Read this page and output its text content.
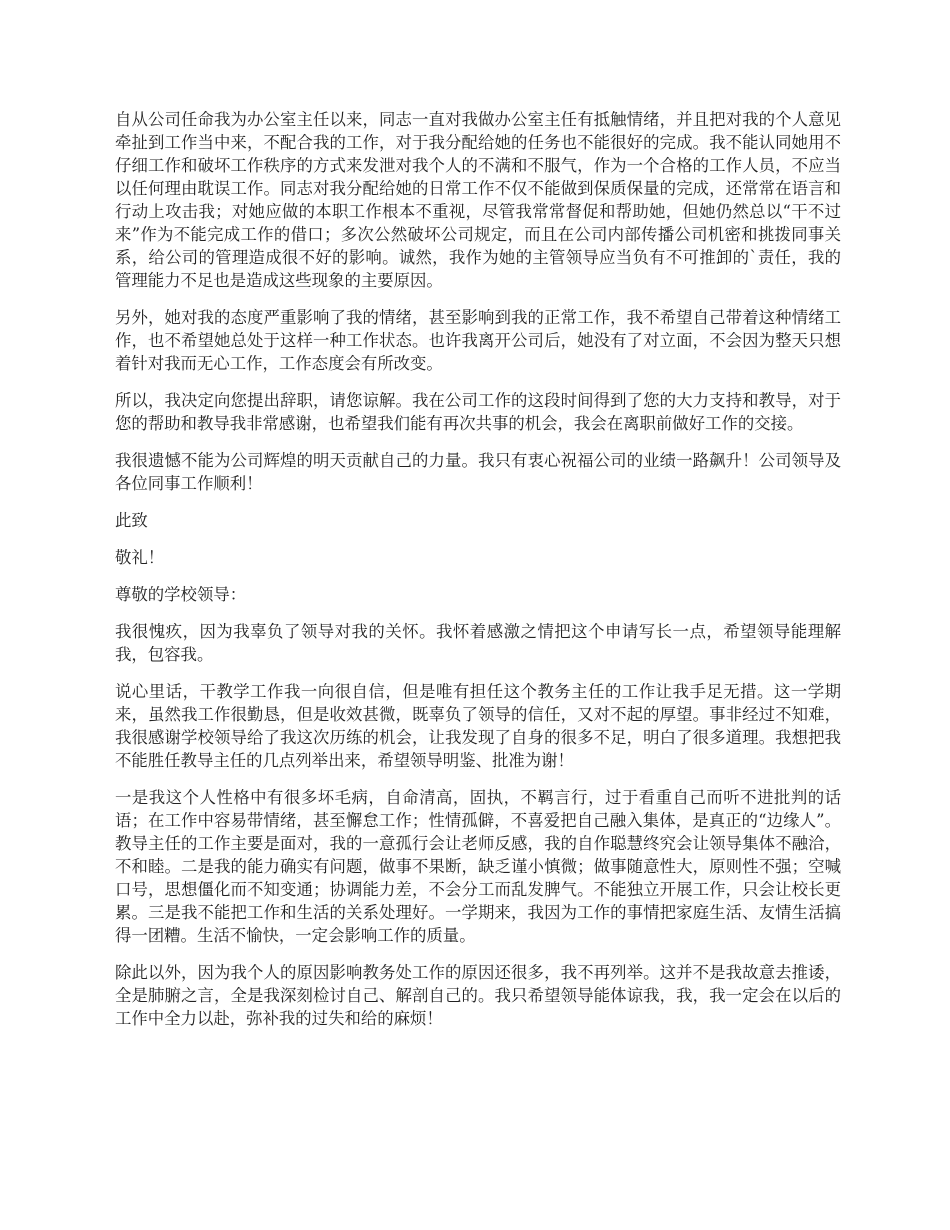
自从公司任命我为办公室主任以来，同志一直对我做办公室主任有抵触情绪，并且把对我的个人意见牵扯到工作当中来，不配合我的工作，对于我分配给她的任务也不能很好的完成。我不能认同她用不仔细工作和破坏工作秩序的方式来发泄对我个人的不满和不服气，作为一个合格的工作人员，不应当以任何理由耽误工作。同志对我分配给她的日常工作不仅不能做到保质保量的完成，还常常在语言和行动上攻击我；对她应做的本职工作根本不重视，尽管我常常督促和帮助她，但她仍然总以“干不过来”作为不能完成工作的借口；多次公然破坏公司规定，而且在公司内部传播公司机密和挑拨同事关系，给公司的管理造成很不好的影响。诚然，我作为她的主管领导应当负有不可推卸的`责任，我的管理能力不足也是造成这些现象的主要原因。

另外，她对我的态度严重影响了我的情绪，甚至影响到我的正常工作，我不希望自己带着这种情绪工作，也不希望她总处于这样一种工作状态。也许我离开公司后，她没有了对立面，不会因为整天只想着针对我而无心工作，工作态度会有所改变。

所以，我决定向您提出辞职，请您谅解。我在公司工作的这段时间得到了您的大力支持和教导，对于您的帮助和教导我非常感谢，也希望我们能有再次共事的机会，我会在离职前做好工作的交接。

我很遗憾不能为公司辉煌的明天贡献自己的力量。我只有衷心祝福公司的业绩一路飙升！公司领导及各位同事工作顺利！

此致

敬礼！

尊敬的学校领导：

我很愧疚，因为我辜负了领导对我的关怀。我怀着感激之情把这个申请写长一点，希望领导能理解我，包容我。

说心里话，干教学工作我一向很自信，但是唯有担任这个教务主任的工作让我手足无措。这一学期来，虽然我工作很勤恳，但是收效甚微，既辜负了领导的信任，又对不起的厚望。事非经过不知难，我很感谢学校领导给了我这次历练的机会，让我发现了自身的很多不足，明白了很多道理。我想把我不能胜任教导主任的几点列举出来，希望领导明鉴、批准为谢！

一是我这个人性格中有很多坏毛病，自命清高，固执，不羁言行，过于看重自己而听不进批判的话语；在工作中容易带情绪，甚至懈怠工作；性情孤僻，不喜爱把自己融入集体，是真正的“边缘人”。教导主任的工作主要是面对，我的一意孤行会让老师反感，我的自作聪慧终究会让领导集体不融洽，不和睦。二是我的能力确实有问题，做事不果断，缺乏谨小慎微；做事随意性大，原则性不强；空喊口号，思想僵化而不知变通；协调能力差，不会分工而乱发脾气。不能独立开展工作，只会让校长更累。三是我不能把工作和生活的关系处理好。一学期来，我因为工作的事情把家庭生活、友情生活搞得一团糟。生活不愉快，一定会影响工作的质量。

除此以外，因为我个人的原因影响教务处工作的原因还很多，我不再列举。这并不是我故意去推诿，全是肺腑之言，全是我深刻检讨自己、解剖自己的。我只希望领导能体谅我，我，我一定会在以后的工作中全力以赴，弥补我的过失和给的麻烦！
